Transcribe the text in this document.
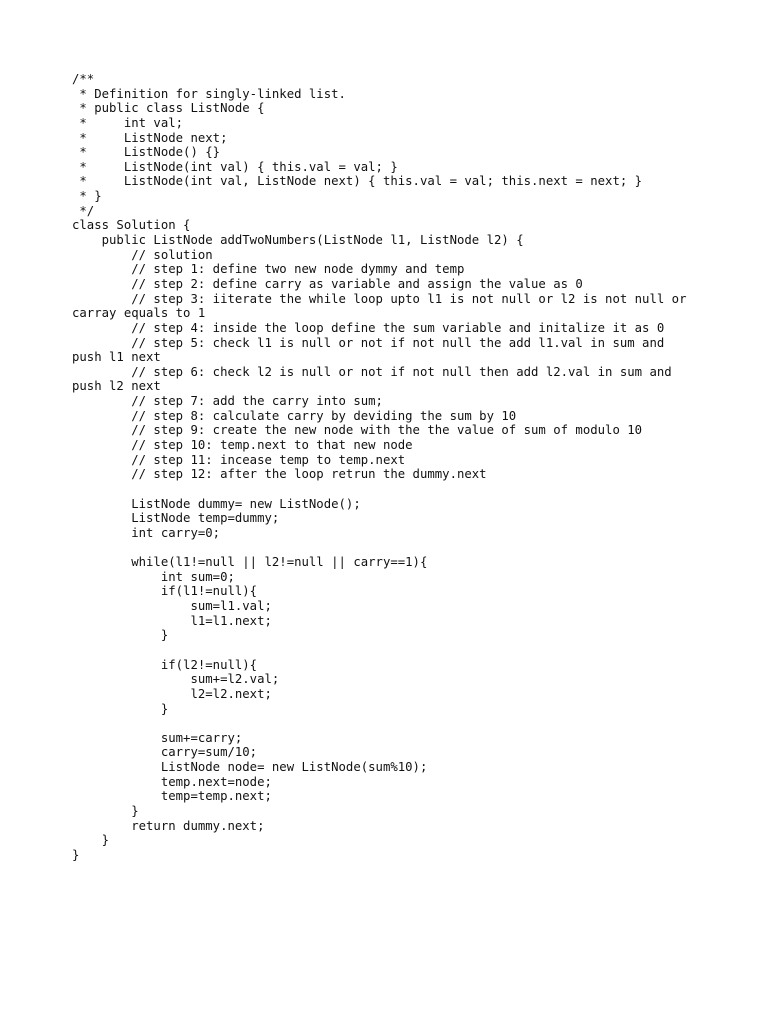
/**
* Definition for singly-linked list.
* public class ListNode {
*     int val;
*     ListNode next;
*     ListNode() {}
*     ListNode(int val) { this.val = val; }
*     ListNode(int val, ListNode next) { this.val = val; this.next = next; }
* }
*/
class Solution {
public ListNode addTwoNumbers(ListNode l1, ListNode l2) {
// solution
// step 1: define two new node dymmy and temp
// step 2: define carry as variable and assign the value as 0
// step 3: iiterate the while loop upto l1 is not null or l2 is not null or
carray equals to 1
// step 4: inside the loop define the sum variable and initalize it as 0
// step 5: check l1 is null or not if not null the add l1.val in sum and
push l1 next
// step 6: check l2 is null or not if not null then add l2.val in sum and
push l2 next
// step 7: add the carry into sum;
// step 8: calculate carry by deviding the sum by 10
// step 9: create the new node with the the value of sum of modulo 10
// step 10: temp.next to that new node
// step 11: incease temp to temp.next
// step 12: after the loop retrun the dummy.next
ListNode dummy= new ListNode();
ListNode temp=dummy;
int carry=0;
while(l1!=null || l2!=null || carry==1){
int sum=0;
if(l1!=null){
sum=l1.val;
l1=l1.next;
}
if(l2!=null){
sum+=l2.val;
l2=l2.next;
}
sum+=carry;
carry=sum/10;
ListNode node= new ListNode(sum%10);
temp.next=node;
temp=temp.next;
}
return dummy.next;
}
}
